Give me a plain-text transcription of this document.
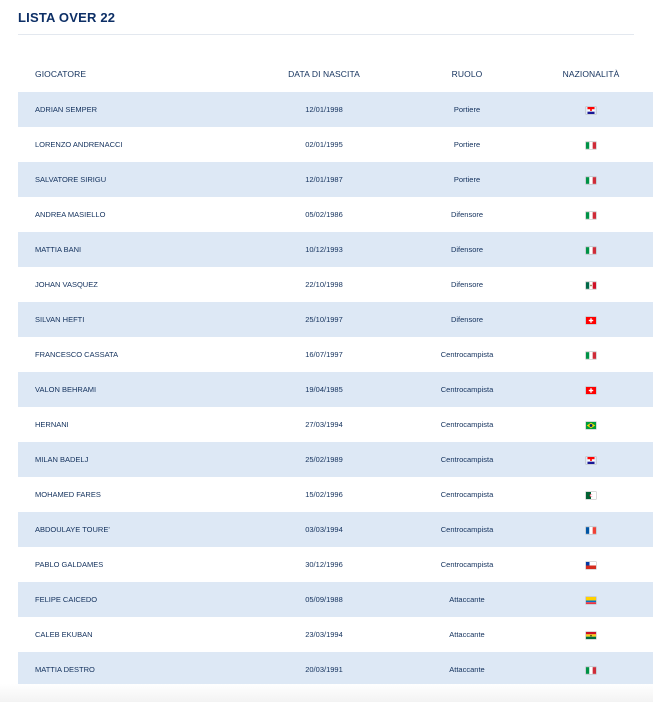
LISTA OVER 22
GIOCATORE	DATA DI NASCITA	RUOLO	NAZIONALITÀ
ADRIAN SEMPER	12/01/1998	Portiere	
LORENZO ANDRENACCI	02/01/1995	Portiere	
SALVATORE SIRIGU	12/01/1987	Portiere	
ANDREA MASIELLO	05/02/1986	Difensore	
MATTIA BANI	10/12/1993	Difensore	
JOHAN VASQUEZ	22/10/1998	Difensore	
SILVAN HEFTI	25/10/1997	Difensore	
FRANCESCO CASSATA	16/07/1997	Centrocampista	
VALON BEHRAMI	19/04/1985	Centrocampista	
HERNANI	27/03/1994	Centrocampista	
MILAN BADELJ	25/02/1989	Centrocampista	
MOHAMED FARES	15/02/1996	Centrocampista	
ABDOULAYE TOURE'	03/03/1994	Centrocampista	
PABLO GALDAMES	30/12/1996	Centrocampista	
FELIPE CAICEDO	05/09/1988	Attaccante	
CALEB EKUBAN	23/03/1994	Attaccante	
MATTIA DESTRO	20/03/1991	Attaccante	
